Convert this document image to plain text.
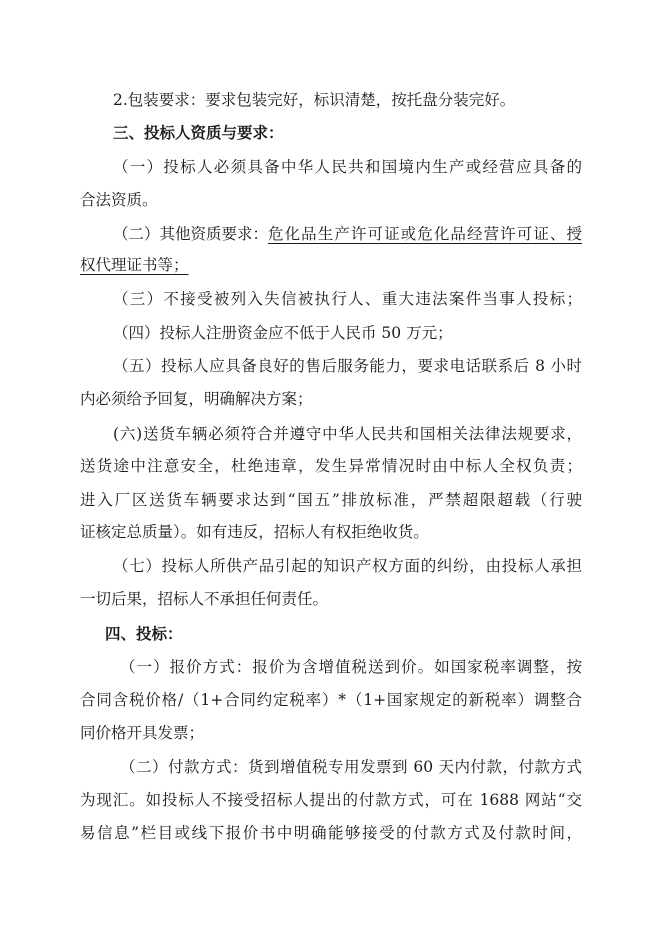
2.包装要求：要求包装完好，标识清楚，按托盘分装完好。
三、投标人资质与要求：
（一）投标人必须具备中华人民共和国境内生产或经营应具备的
合法资质。
（二）其他资质要求： 危化品生产许可证或危化品经营许可证、授
权代理证书等；
（三）不接受被列入失信被执行人、重大违法案件当事人投标；
（四）投标人注册资金应不低于人民币 50 万元；
（五）投标人应具备良好的售后服务能力，要求电话联系后 8 小时
内必须给予回复，明确解决方案；
(六)送货车辆必须符合并遵守中华人民共和国相关法律法规要求，
送货途中注意安全，杜绝违章，发生异常情况时由中标人全权负责；
进入厂区送货车辆要求达到“国五”排放标准，严禁超限超载（行驶
证核定总质量）。如有违反，招标人有权拒绝收货。
（七）投标人所供产品引起的知识产权方面的纠纷，由投标人承担
一切后果，招标人不承担任何责任。
四、投标：
（一）报价方式：报价为含增值税送到价。如国家税率调整，按
合同含税价格/（1+合同约定税率）*（1+国家规定的新税率）调整合
同价格开具发票；
（二）付款方式：货到增值税专用发票到 60 天内付款，付款方式
为现汇。如投标人不接受招标人提出的付款方式，可在 1688 网站“交
易信息”栏目或线下报价书中明确能够接受的付款方式及付款时间，
